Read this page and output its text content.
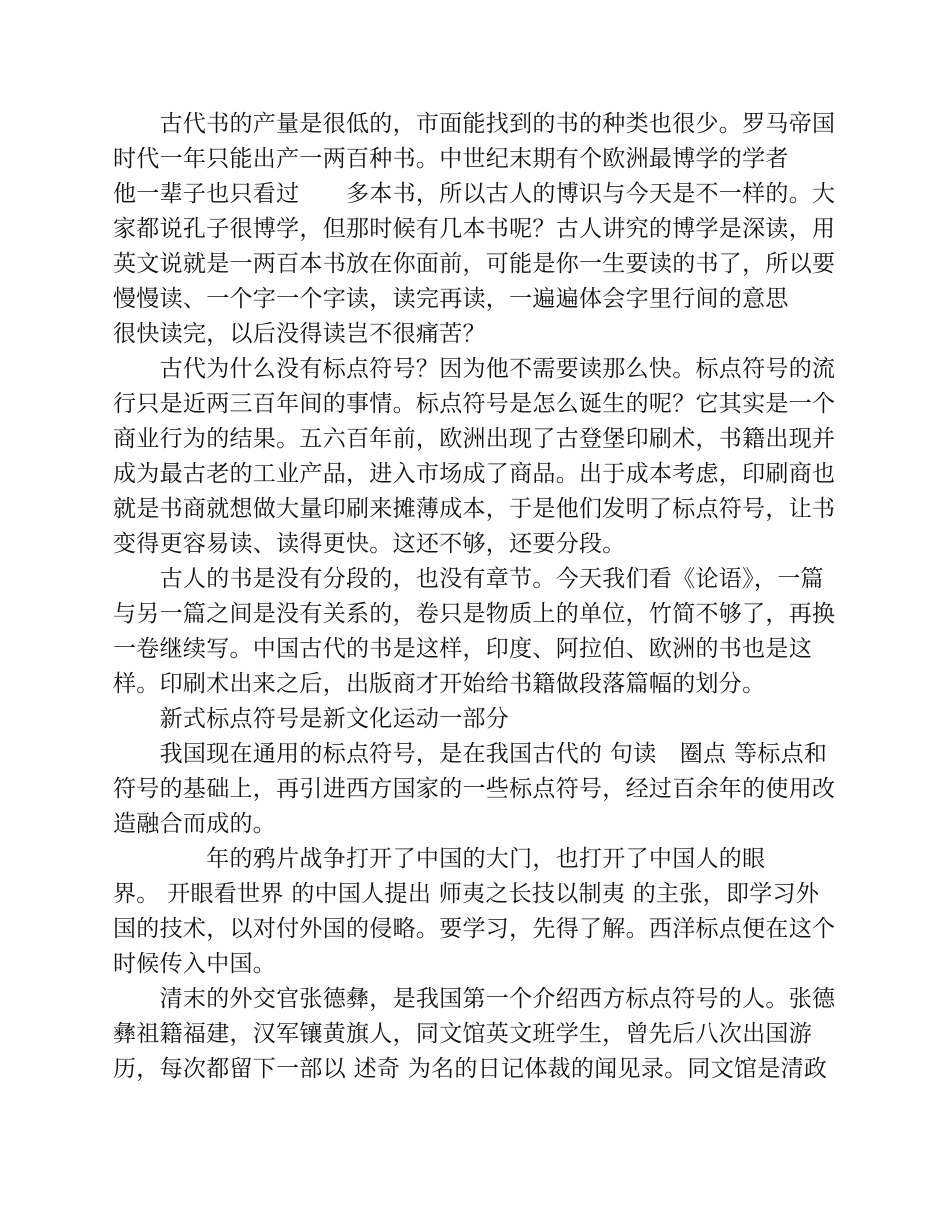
　　古代书的产量是很低的，市面能找到的书的种类也很少。罗马帝国
时代一年只能出产一两百种书。中世纪末期有个欧洲最博学的学者
他一辈子也只看过　　多本书，所以古人的博识与今天是不一样的。大
家都说孔子很博学，但那时候有几本书呢？古人讲究的博学是深读，用
英文说就是一两百本书放在你面前，可能是你一生要读的书了，所以要
慢慢读、一个字一个字读，读完再读，一遍遍体会字里行间的意思
很快读完，以后没得读岂不很痛苦？
　　古代为什么没有标点符号？因为他不需要读那么快。标点符号的流
行只是近两三百年间的事情。标点符号是怎么诞生的呢？它其实是一个
商业行为的结果。五六百年前，欧洲出现了古登堡印刷术，书籍出现并
成为最古老的工业产品，进入市场成了商品。出于成本考虑，印刷商也
就是书商就想做大量印刷来摊薄成本，于是他们发明了标点符号，让书
变得更容易读、读得更快。这还不够，还要分段。
　　古人的书是没有分段的，也没有章节。今天我们看《论语》，一篇
与另一篇之间是没有关系的，卷只是物质上的单位，竹简不够了，再换
一卷继续写。中国古代的书是这样，印度、阿拉伯、欧洲的书也是这
样。印刷术出来之后，出版商才开始给书籍做段落篇幅的划分。
　　新式标点符号是新文化运动一部分
　　我国现在通用的标点符号，是在我国古代的 句读　圈点 等标点和
符号的基础上，再引进西方国家的一些标点符号，经过百余年的使用改
造融合而成的。
　　　　年的鸦片战争打开了中国的大门，也打开了中国人的眼
界。 开眼看世界 的中国人提出 师夷之长技以制夷 的主张，即学习外
国的技术，以对付外国的侵略。要学习，先得了解。西洋标点便在这个
时候传入中国。
　　清末的外交官张德彝，是我国第一个介绍西方标点符号的人。张德
彝祖籍福建，汉军镶黄旗人，同文馆英文班学生，曾先后八次出国游
历，每次都留下一部以 述奇 为名的日记体裁的闻见录。同文馆是清政
